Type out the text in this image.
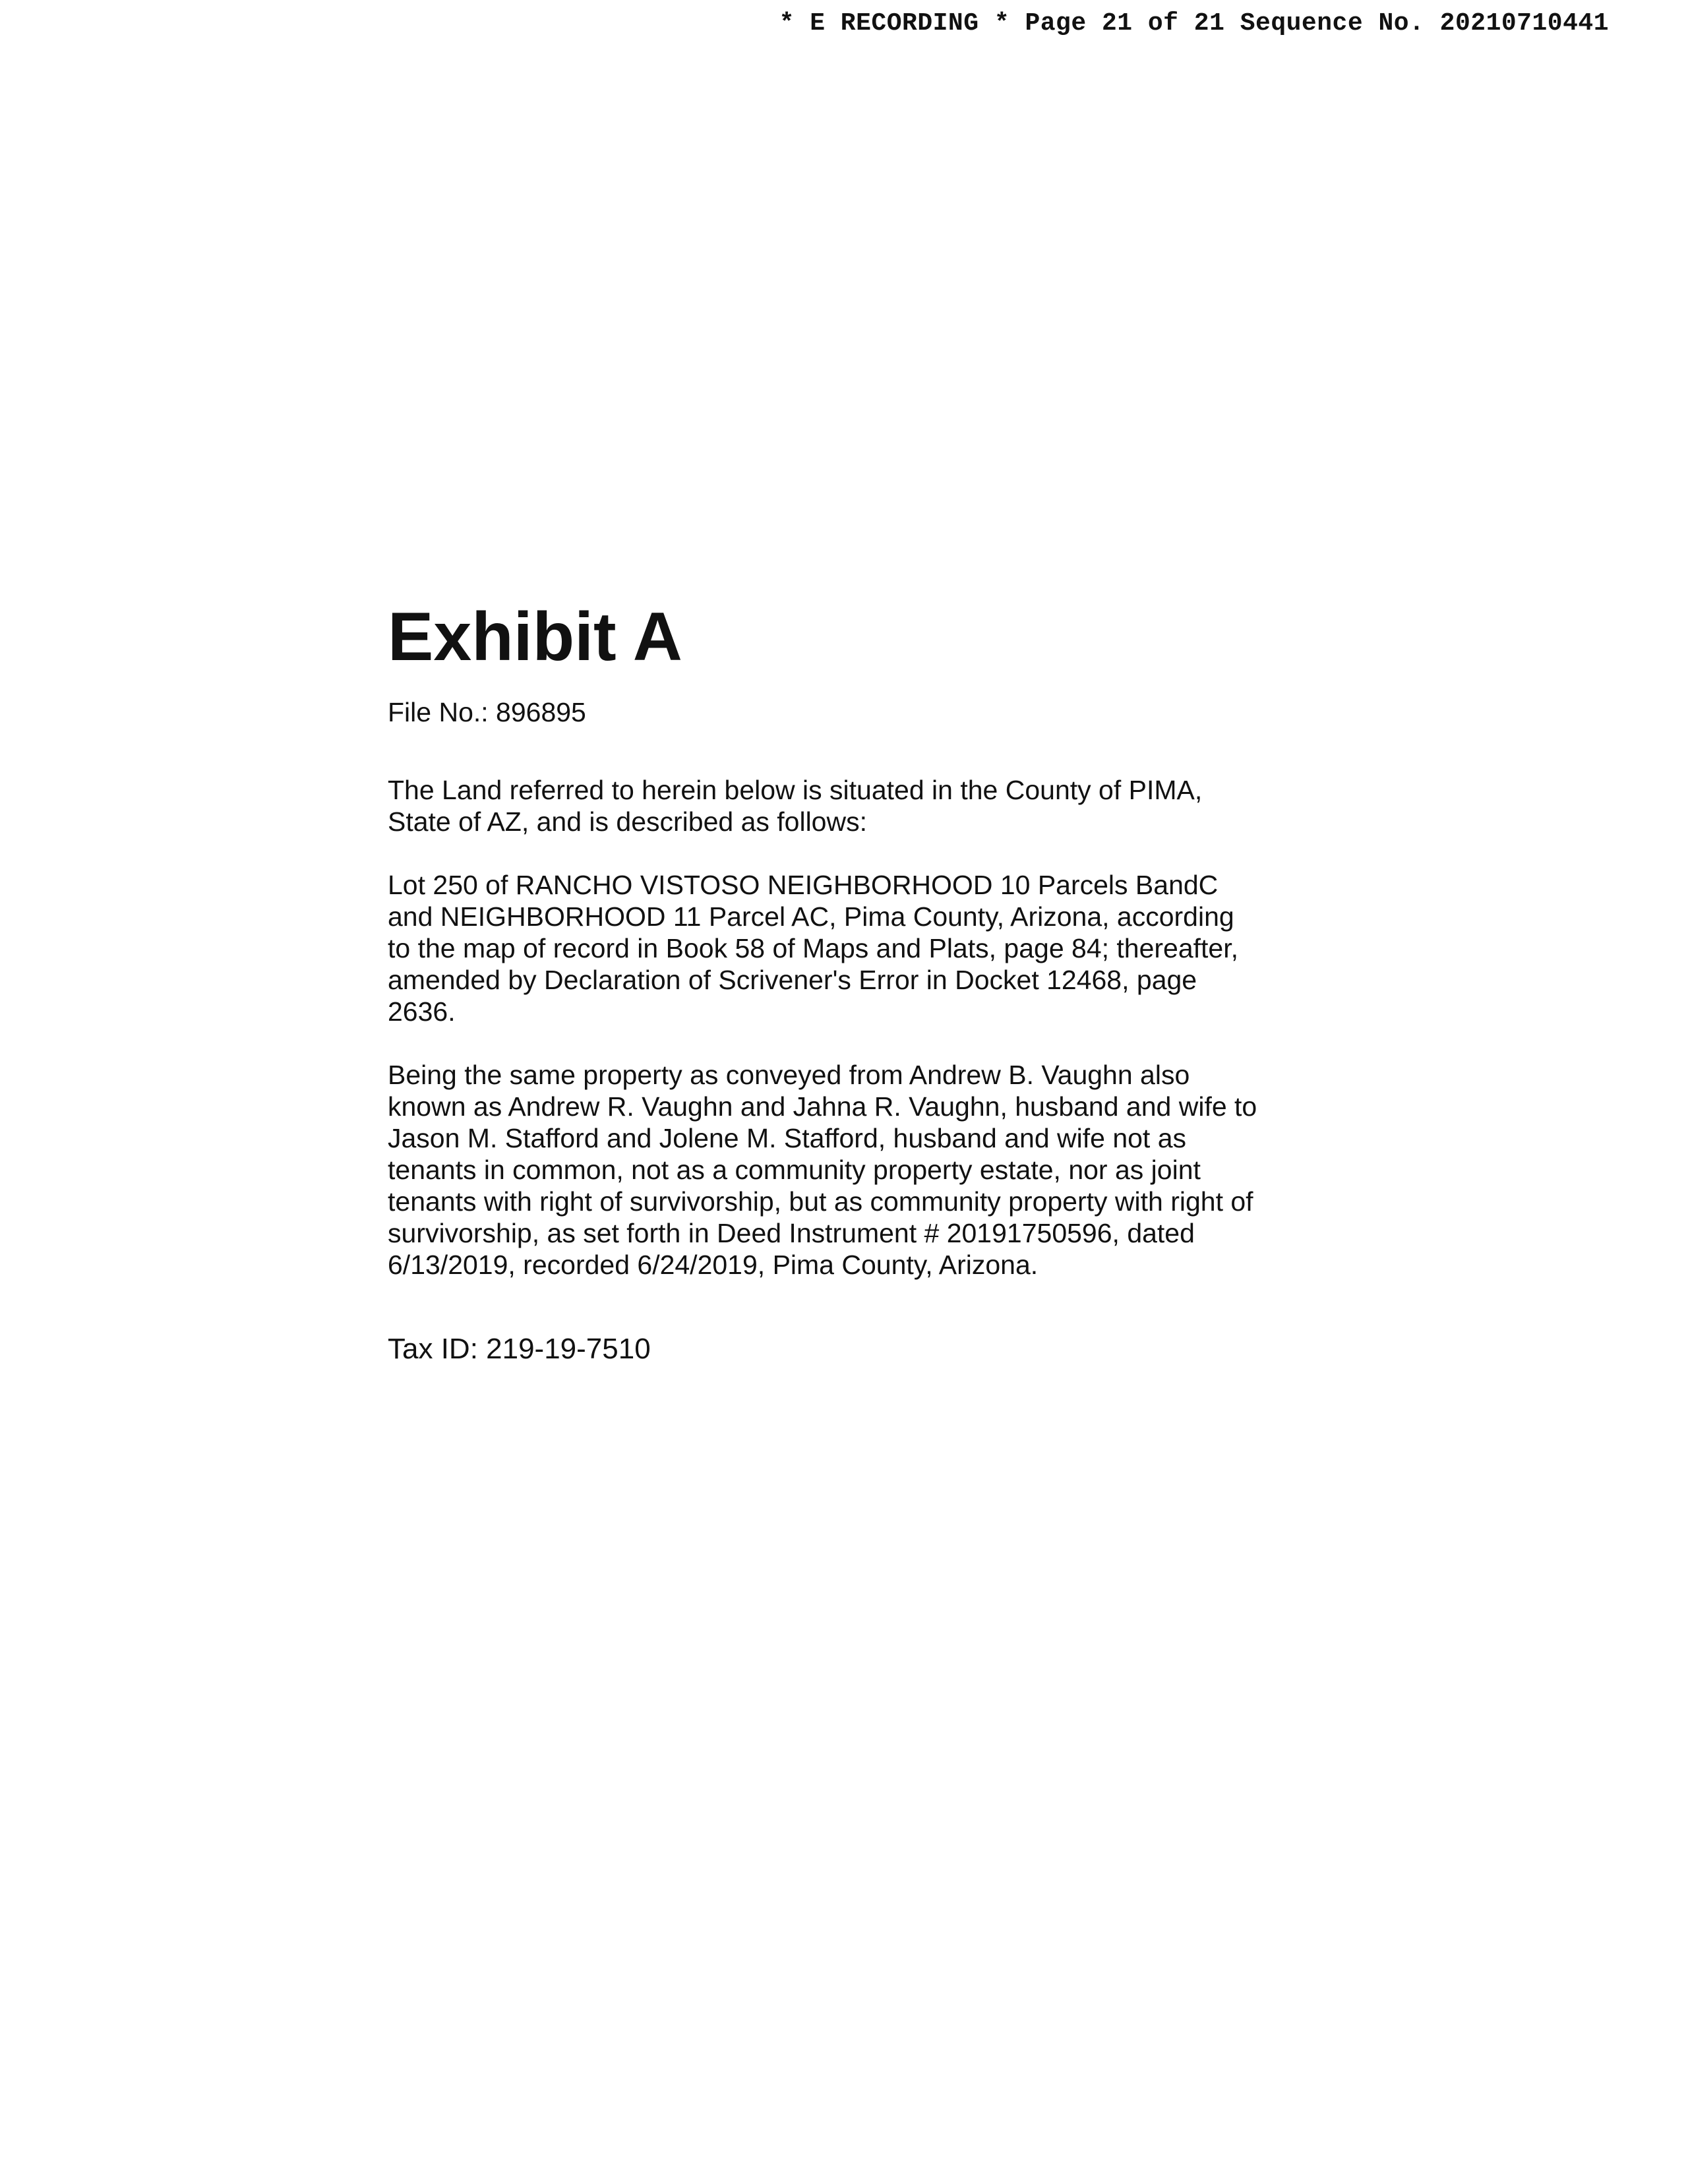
* E RECORDING * Page 21 of 21 Sequence No. 20210710441
Exhibit A

File No.: 896895

The Land referred to herein below is situated in the County of PIMA,
State of AZ, and is described as follows:

Lot 250 of RANCHO VISTOSO NEIGHBORHOOD 10 Parcels BandC
and NEIGHBORHOOD 11 Parcel AC, Pima County, Arizona, according
to the map of record in Book 58 of Maps and Plats, page 84; thereafter,
amended by Declaration of Scrivener's Error in Docket 12468, page
2636.

Being the same property as conveyed from Andrew B. Vaughn also
known as Andrew R. Vaughn and Jahna R. Vaughn, husband and wife to
Jason M. Stafford and Jolene M. Stafford, husband and wife not as
tenants in common, not as a community property estate, nor as joint
tenants with right of survivorship, but as community property with right of
survivorship, as set forth in Deed Instrument # 20191750596, dated
6/13/2019, recorded 6/24/2019, Pima County, Arizona.

Tax ID: 219-19-7510
